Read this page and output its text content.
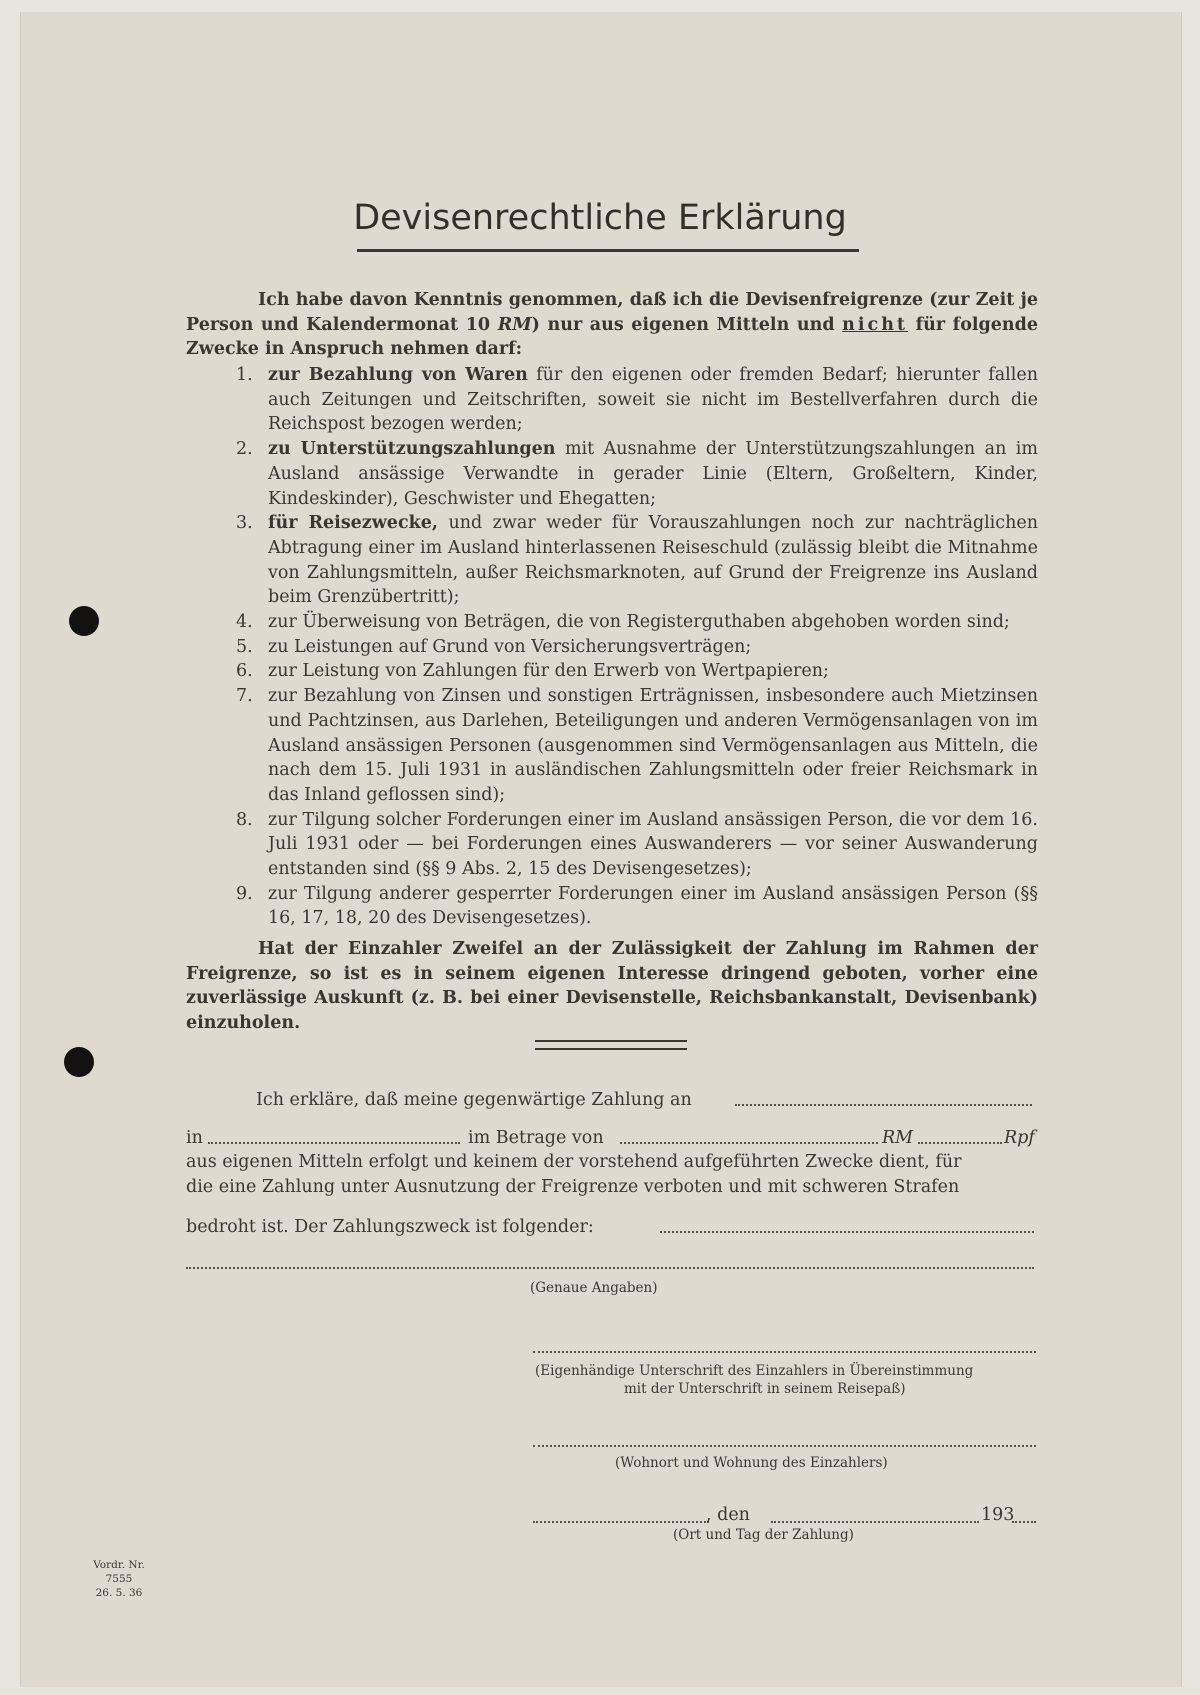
Devisenrechtliche Erklärung

Ich habe davon Kenntnis genommen, daß ich die Devisenfreigrenze (zur Zeit je Person und Kalendermonat 10 RM) nur aus eigenen Mitteln und nicht für folgende Zwecke in Anspruch nehmen darf:

1. zur Bezahlung von Waren für den eigenen oder fremden Bedarf; hierunter fallen auch Zeitungen und Zeitschriften, soweit sie nicht im Bestellverfahren durch die Reichspost bezogen werden;
2. zu Unterstützungszahlungen mit Ausnahme der Unterstützungszahlungen an im Ausland ansässige Verwandte in gerader Linie (Eltern, Großeltern, Kinder, Kindeskinder), Geschwister und Ehegatten;
3. für Reisezwecke, und zwar weder für Vorauszahlungen noch zur nachträglichen Abtragung einer im Ausland hinterlassenen Reiseschuld (zulässig bleibt die Mitnahme von Zahlungsmitteln, außer Reichsmarknoten, auf Grund der Freigrenze ins Ausland beim Grenzübertritt);
4. zur Überweisung von Beträgen, die von Registerguthaben abgehoben worden sind;
5. zu Leistungen auf Grund von Versicherungsverträgen;
6. zur Leistung von Zahlungen für den Erwerb von Wertpapieren;
7. zur Bezahlung von Zinsen und sonstigen Erträgnissen, insbesondere auch Mietzinsen und Pachtzinsen, aus Darlehen, Beteiligungen und anderen Vermögensanlagen von im Ausland ansässigen Personen (ausgenommen sind Vermögensanlagen aus Mitteln, die nach dem 15. Juli 1931 in ausländischen Zahlungsmitteln oder freier Reichsmark in das Inland geflossen sind);
8. zur Tilgung solcher Forderungen einer im Ausland ansässigen Person, die vor dem 16. Juli 1931 oder — bei Forderungen eines Auswanderers — vor seiner Auswanderung entstanden sind (§§ 9 Abs. 2, 15 des Devisengesetzes);
9. zur Tilgung anderer gesperrter Forderungen einer im Ausland ansässigen Person (§§ 16, 17, 18, 20 des Devisengesetzes).

Hat der Einzahler Zweifel an der Zulässigkeit der Zahlung im Rahmen der Freigrenze, so ist es in seinem eigenen Interesse dringend geboten, vorher eine zuverlässige Auskunft (z. B. bei einer Devisenstelle, Reichsbankanstalt, Devisenbank) einzuholen.

Ich erkläre, daß meine gegenwärtige Zahlung an
in	im Betrage von	RM	Rpf
aus eigenen Mitteln erfolgt und keinem der vorstehend aufgeführten Zwecke dient, für
die eine Zahlung unter Ausnutzung der Freigrenze verboten und mit schweren Strafen
bedroht ist. Der Zahlungszweck ist folgender:
(Genaue Angaben)
(Eigenhändige Unterschrift des Einzahlers in Übereinstimmung
mit der Unterschrift in seinem Reisepaß)
(Wohnort und Wohnung des Einzahlers)
, den	193
(Ort und Tag der Zahlung)
Vordr. Nr. 7555
26. 5. 36
